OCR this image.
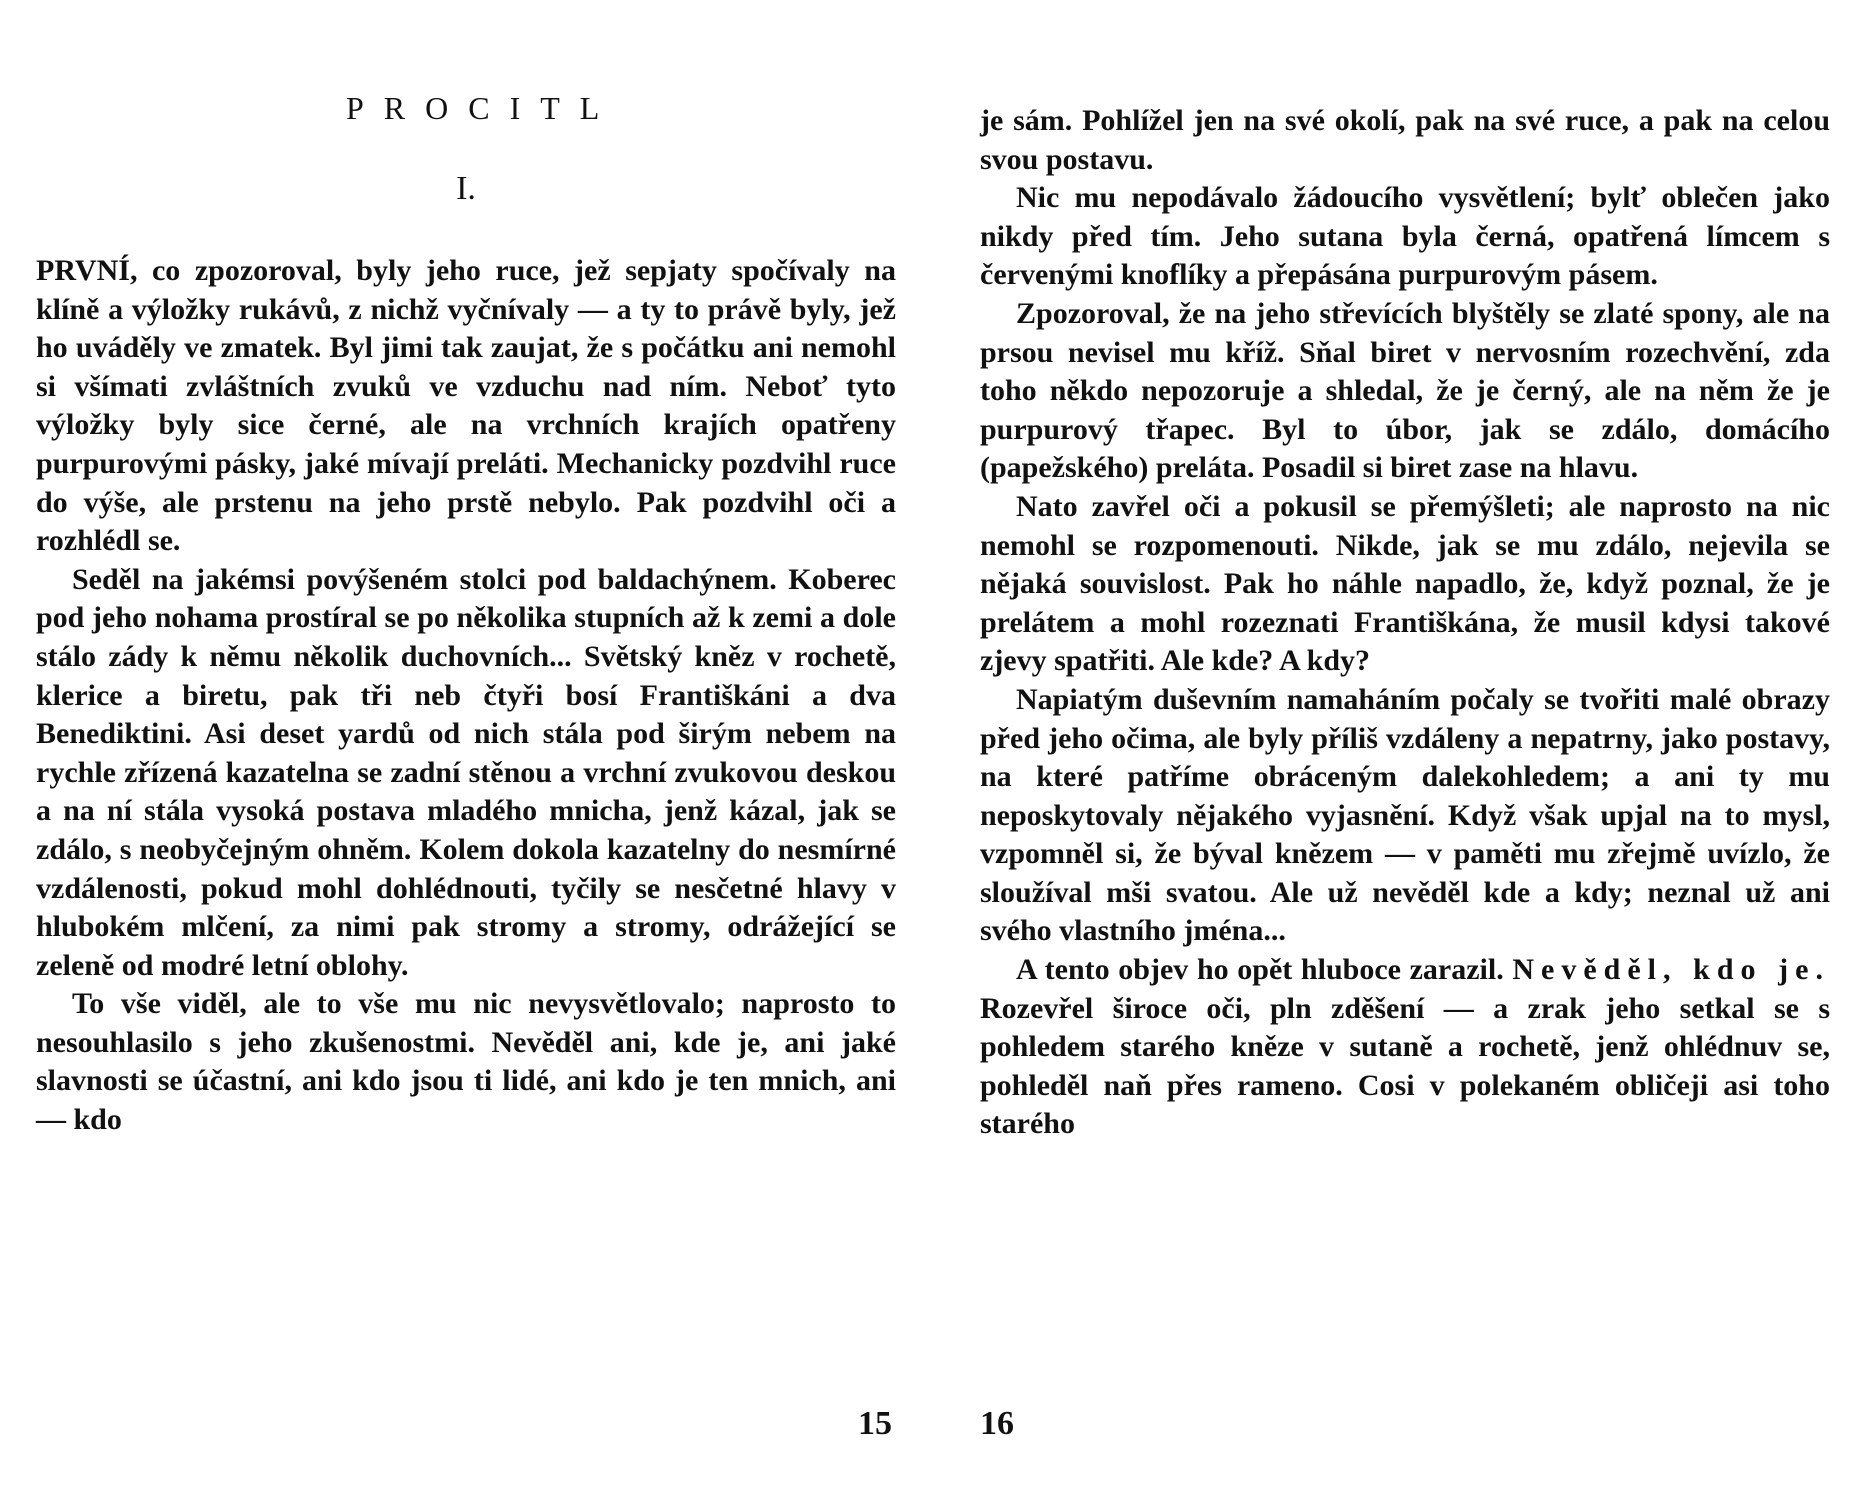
PROCITL
I.

PRVNÍ, co zpozoroval, byly jeho ruce, jež sepjaty spočívaly na klíně a výložky rukávů, z nichž vyčnívaly — a ty to právě byly, jež ho uváděly ve zmatek. Byl jimi tak zaujat, že s počátku ani nemohl si všímati zvláštních zvuků ve vzduchu nad ním. Neboť tyto výložky byly sice černé, ale na vrchních krajích opatřeny purpurovými pásky, jaké mívají preláti. Mechanicky pozdvihl ruce do výše, ale prstenu na jeho prstě nebylo. Pak pozdvihl oči a rozhlédl se.

Seděl na jakémsi povýšeném stolci pod baldachýnem. Koberec pod jeho nohama prostíral se po několika stupních až k zemi a dole stálo zády k němu několik duchovních... Světský kněz v rochetě, klerice a biretu, pak tři neb čtyři bosí Františkáni a dva Benediktini. Asi deset yardů od nich stála pod širým nebem na rychle zřízená kazatelna se zadní stěnou a vrchní zvukovou deskou a na ní stála vysoká postava mladého mnicha, jenž kázal, jak se zdálo, s neobyčejným ohněm. Kolem dokola kazatelny do nesmírné vzdálenosti, pokud mohl dohlédnouti, tyčily se nesčetné hlavy v hlubokém mlčení, za nimi pak stromy a stromy, odrážející se zeleně od modré letní oblohy.

To vše viděl, ale to vše mu nic nevysvětlovalo; naprosto to nesouhlasilo s jeho zkušenostmi. Nevěděl ani, kde je, ani jaké slavnosti se účastní, ani kdo jsou ti lidé, ani kdo je ten mnich, ani — kdo

15

je sám. Pohlížel jen na své okolí, pak na své ruce, a pak na celou svou postavu.

Nic mu nepodávalo žádoucího vysvětlení; bylť oblečen jako nikdy před tím. Jeho sutana byla černá, opatřená límcem s červenými knoflíky a přepásána purpurovým pásem.

Zpozoroval, že na jeho střevících blyštěly se zlaté spony, ale na prsou nevisel mu kříž. Sňal biret v nervosním rozechvění, zda toho někdo nepozoruje a shledal, že je černý, ale na něm že je purpurový třapec. Byl to úbor, jak se zdálo, domácího (papežského) preláta. Posadil si biret zase na hlavu.

Nato zavřel oči a pokusil se přemýšleti; ale naprosto na nic nemohl se rozpomenouti. Nikde, jak se mu zdálo, nejevila se nějaká souvislost. Pak ho náhle napadlo, že, když poznal, že je prelátem a mohl rozeznati Františkána, že musil kdysi takové zjevy spatřiti. Ale kde? A kdy?

Napiatým duševním namaháním počaly se tvořiti malé obrazy před jeho očima, ale byly příliš vzdáleny a nepatrny, jako postavy, na které patříme obráceným dalekohledem; a ani ty mu neposkytovaly nějakého vyjasnění. Když však upjal na to mysl, vzpomněl si, že býval knězem — v paměti mu zřejmě uvízlo, že sloužíval mši svatou. Ale už nevěděl kde a kdy; neznal už ani svého vlastního jména...

A tento objev ho opět hluboce zarazil. Nevěděl, kdo je. Rozevřel široce oči, pln zděšení — a zrak jeho setkal se s pohledem starého kněze v sutaně a rochetě, jenž ohlédnuv se, pohleděl naň přes rameno. Cosi v polekaném obličeji asi toho starého

16
